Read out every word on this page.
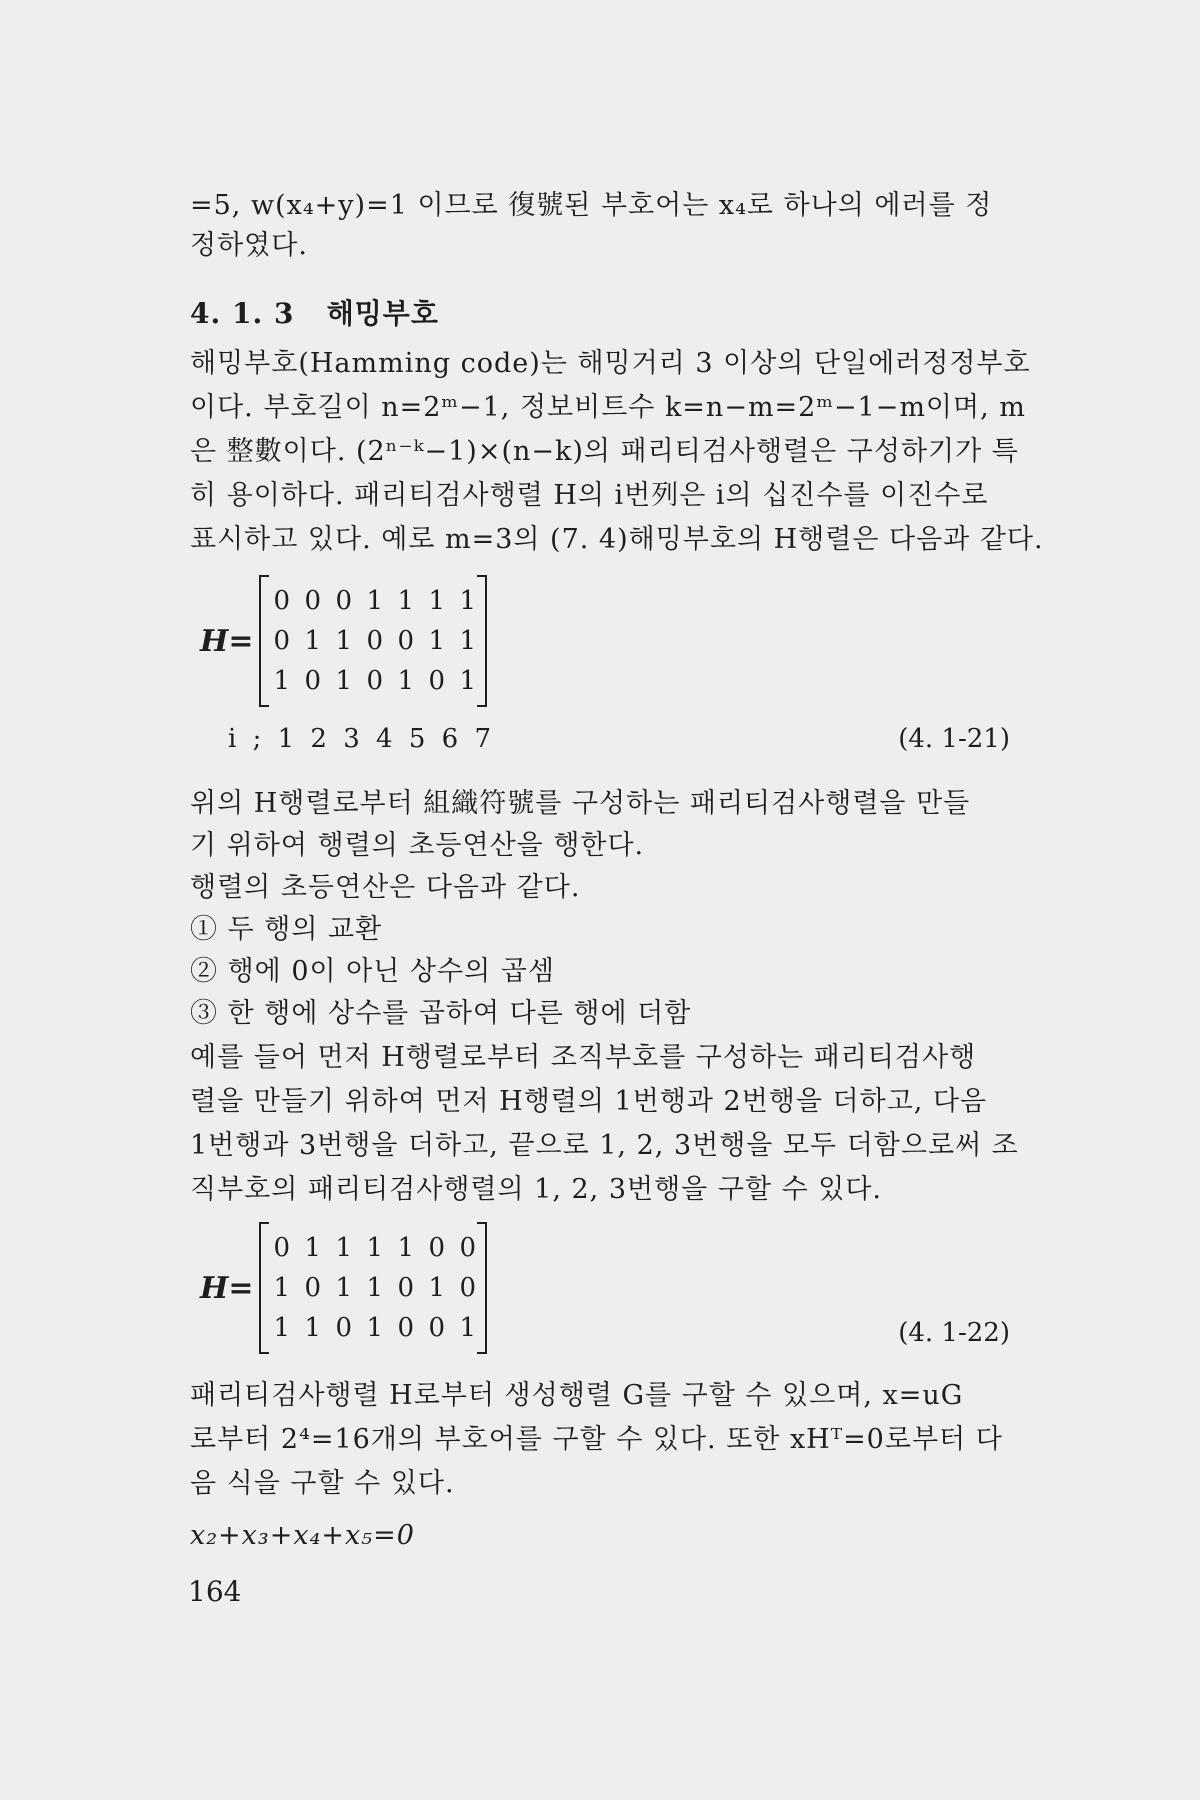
=5, w(x₄+y)=1 이므로 復號된 부호어는 x₄로 하나의 에러를 정
정하였다.
4. 1. 3 해밍부호
해밍부호(Hamming code)는 해밍거리 3 이상의 단일에러정정부호
이다. 부호길이 n=2ᵐ−1, 정보비트수 k=n−m=2ᵐ−1−m이며, m
은 整數이다. (2ⁿ⁻ᵏ−1)×(n−k)의 패리티검사행렬은 구성하기가 특
히 용이하다. 패리티검사행렬 H의 i번列은 i의 십진수를 이진수로
표시하고 있다. 예로 m=3의 (7. 4)해밍부호의 H행렬은 다음과 같다.
H=
0 0 0 1 1 1 1
0 1 1 0 0 1 1
1 0 1 0 1 0 1
i ; 1 2 3 4 5 6 7	(4. 1-21)
위의 H행렬로부터 組織符號를 구성하는 패리티검사행렬을 만들
기 위하여 행렬의 초등연산을 행한다.
행렬의 초등연산은 다음과 같다.
① 두 행의 교환
② 행에 0이 아닌 상수의 곱셈
③ 한 행에 상수를 곱하여 다른 행에 더함
예를 들어 먼저 H행렬로부터 조직부호를 구성하는 패리티검사행
렬을 만들기 위하여 먼저 H행렬의 1번행과 2번행을 더하고, 다음
1번행과 3번행을 더하고, 끝으로 1, 2, 3번행을 모두 더함으로써 조
직부호의 패리티검사행렬의 1, 2, 3번행을 구할 수 있다.
H=
0 1 1 1 1 0 0
1 0 1 1 0 1 0
1 1 0 1 0 0 1	(4. 1-22)
패리티검사행렬 H로부터 생성행렬 G를 구할 수 있으며, x=uG
로부터 2⁴=16개의 부호어를 구할 수 있다. 또한 xHᵀ=0로부터 다
음 식을 구할 수 있다.
x₂+x₃+x₄+x₅=0
164
